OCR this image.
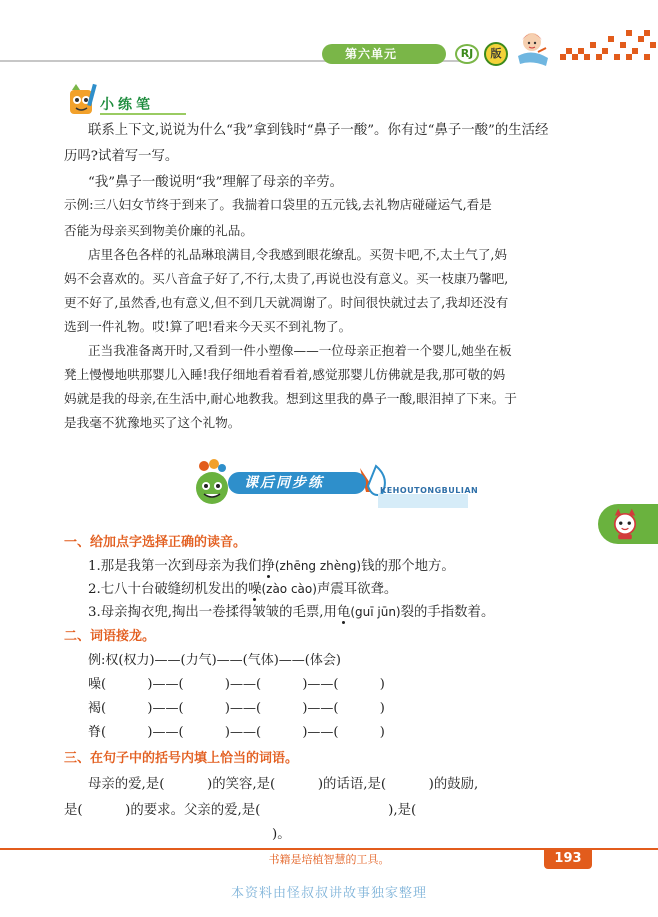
第六单元	RJ	版
小练笔
联系上下文,说说为什么“我”拿到钱时“鼻子一酸”。你有过“鼻子一酸”的生活经
历吗?试着写一写。
“我”鼻子一酸说明“我”理解了母亲的辛劳。
示例:三八妇女节终于到来了。我揣着口袋里的五元钱,去礼物店碰碰运气,看是
否能为母亲买到物美价廉的礼品。
店里各色各样的礼品琳琅满目,令我感到眼花缭乱。买贺卡吧,不,太土气了,妈
妈不会喜欢的。买八音盒子好了,不行,太贵了,再说也没有意义。买一枝康乃馨吧,
更不好了,虽然香,也有意义,但不到几天就凋谢了。时间很快就过去了,我却还没有
选到一件礼物。哎!算了吧!看来今天买不到礼物了。
正当我准备离开时,又看到一件小塑像——一位母亲正抱着一个婴儿,她坐在板
凳上慢慢地哄那婴儿入睡!我仔细地看着看着,感觉那婴儿仿佛就是我,那可敬的妈
妈就是我的母亲,在生活中,耐心地教我。想到这里我的鼻子一酸,眼泪掉了下来。于
是我毫不犹豫地买了这个礼物。
课后同步练	KEHOUTONGBULIAN
一、给加点字选择正确的读音。
1.那是我第一次到母亲为我们挣(zhēng zhèng)钱的那个地方。
2.七八十台破缝纫机发出的噪(zào cào)声震耳欲聋。
3.母亲掏衣兜,掏出一卷揉得皱皱的毛票,用龟(guī jūn)裂的手指数着。
二、词语接龙。
例:权(权力)——(力气)——(气体)——(体会)
噪(          )——(          )——(          )——(          )
褐(          )——(          )——(          )——(          )
脊(          )——(          )——(          )——(          )
三、在句子中的括号内填上恰当的词语。
母亲的爱,是(          )的笑容,是(          )的话语,是(          )的鼓励,
是(          )的要求。父亲的爱,是(                              ),是(
)。
书籍是培植智慧的工具。	193
本资料由怪叔叔讲故事独家整理
